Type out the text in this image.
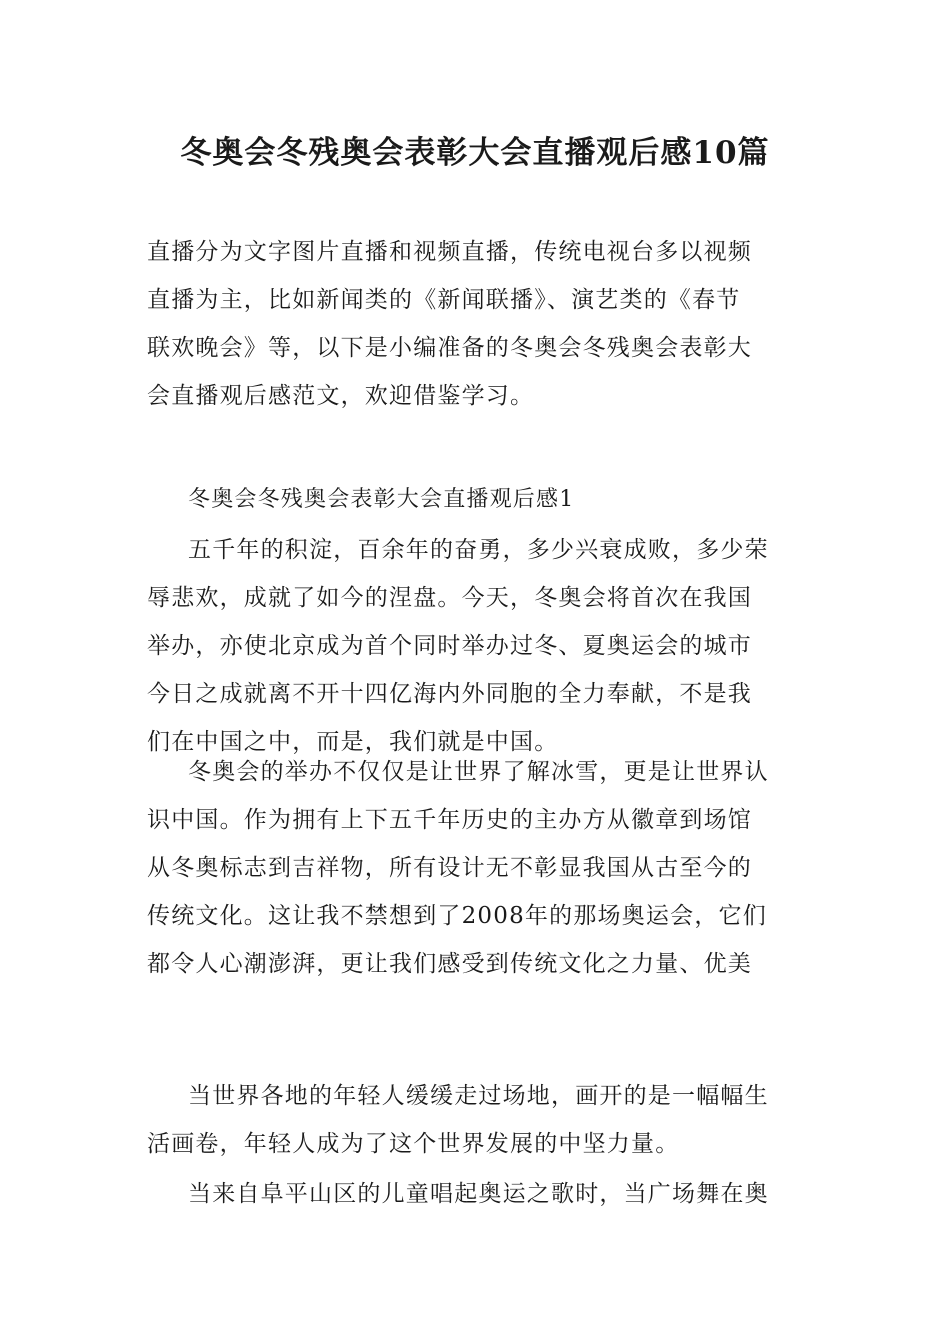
冬奥会冬残奥会表彰大会直播观后感10篇
直播分为文字图片直播和视频直播，传统电视台多以视频
直播为主，比如新闻类的《新闻联播》、演艺类的《春节
联欢晚会》等，以下是小编准备的冬奥会冬残奥会表彰大
会直播观后感范文，欢迎借鉴学习。
冬奥会冬残奥会表彰大会直播观后感1
五千年的积淀，百余年的奋勇，多少兴衰成败，多少荣
辱悲欢，成就了如今的涅盘。今天，冬奥会将首次在我国
举办，亦使北京成为首个同时举办过冬、夏奥运会的城市
今日之成就离不开十四亿海内外同胞的全力奉献，不是我
们在中国之中，而是，我们就是中国。
冬奥会的举办不仅仅是让世界了解冰雪，更是让世界认
识中国。作为拥有上下五千年历史的主办方从徽章到场馆
从冬奥标志到吉祥物，所有设计无不彰显我国从古至今的
传统文化。这让我不禁想到了2008年的那场奥运会，它们
都令人心潮澎湃，更让我们感受到传统文化之力量、优美
当世界各地的年轻人缓缓走过场地，画开的是一幅幅生
活画卷，年轻人成为了这个世界发展的中坚力量。
当来自阜平山区的儿童唱起奥运之歌时，当广场舞在奥
